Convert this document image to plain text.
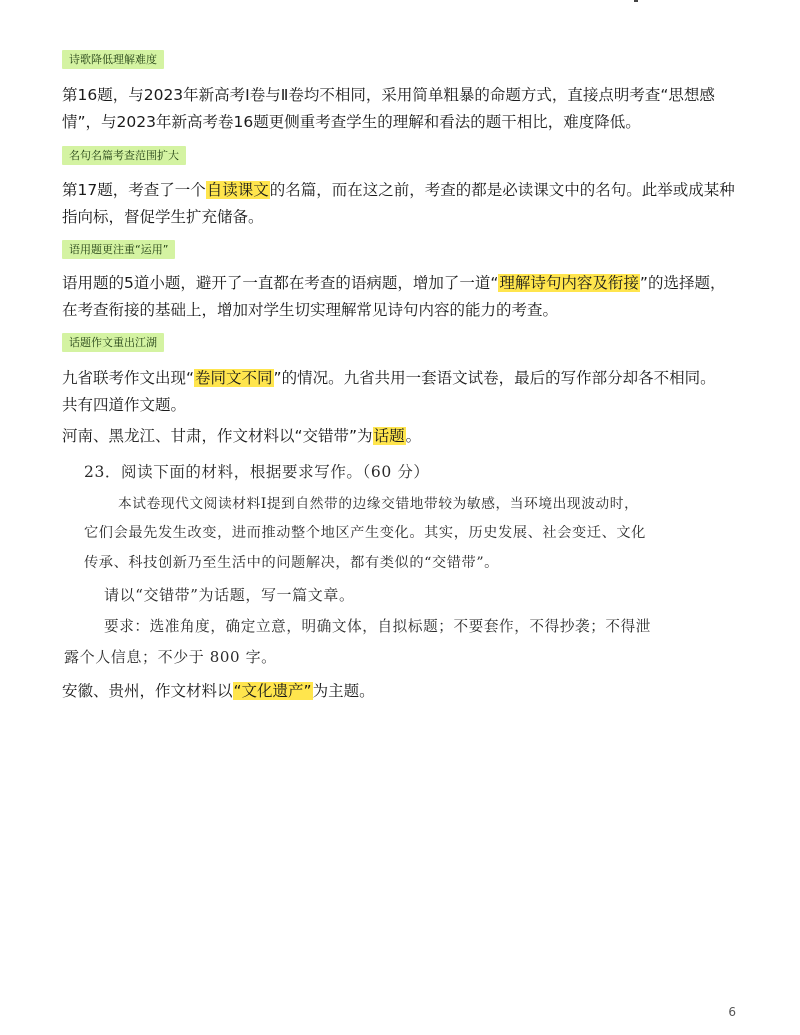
诗歌降低理解难度
第16题，与2023年新高考Ⅰ卷与Ⅱ卷均不相同，采用简单粗暴的命题方式，直接点明考查“思想感
情”，与2023年新高考卷16题更侧重考查学生的理解和看法的题干相比，难度降低。
名句名篇考查范围扩大
第17题，考查了一个自读课文的名篇，而在这之前，考查的都是必读课文中的名句。此举或成某种
指向标，督促学生扩充储备。
语用题更注重“运用”
语用题的5道小题，避开了一直都在考查的语病题，增加了一道“理解诗句内容及衔接”的选择题，
在考查衔接的基础上，增加对学生切实理解常见诗句内容的能力的考查。
话题作文重出江湖
九省联考作文出现“卷同文不同”的情况。九省共用一套语文试卷，最后的写作部分却各不相同。
共有四道作文题。
河南、黑龙江、甘肃，作文材料以“交错带”为话题。
23．阅读下面的材料，根据要求写作。（60 分）
本试卷现代文阅读材料Ⅰ提到自然带的边缘交错地带较为敏感，当环境出现波动时，
它们会最先发生改变，进而推动整个地区产生变化。其实，历史发展、社会变迁、文化
传承、科技创新乃至生活中的问题解决，都有类似的“交错带”。
请以“交错带”为话题，写一篇文章。
要求：选准角度，确定立意，明确文体，自拟标题；不要套作，不得抄袭；不得泄
露个人信息；不少于 800 字。
安徽、贵州，作文材料以“文化遗产”为主题。
6
